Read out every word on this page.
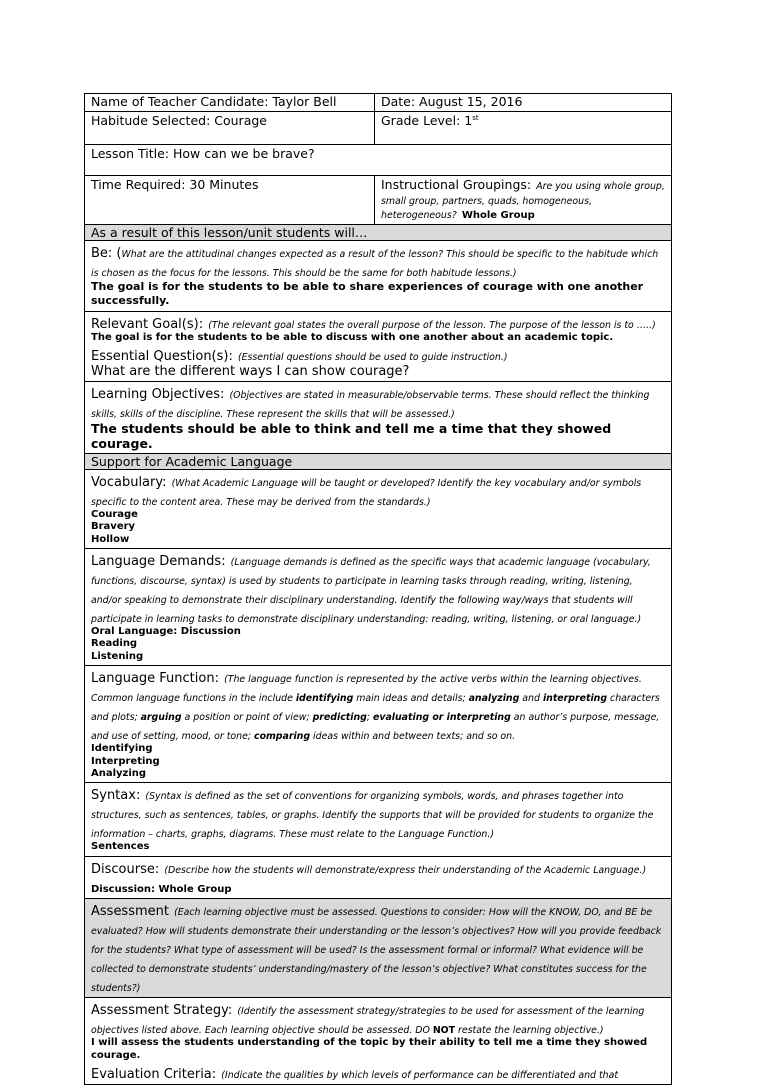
Name of Teacher Candidate: Taylor Bell	Date: August 15, 2016
Habitude Selected: Courage	Grade Level: 1st
Lesson Title: How can we be brave?	
Time Required: 30 Minutes	Instructional Groupings: Are you using whole group, small group, partners, quads, homogeneous, heterogeneous? Whole Group
As a result of this lesson/unit students will…	
Be: (What are the attitudinal changes expected as a result of the lesson? This should be specific to the habitude which is chosen as the focus for the lessons. This should be the same for both habitude lessons.)
The goal is for the students to be able to share experiences of courage with one another successfully.	

Relevant Goal(s): (The relevant goal states the overall purpose of the lesson. The purpose of the lesson is to …..)
The goal is for the students to be able to discuss with one another about an academic topic.
Essential Question(s): (Essential questions should be used to guide instruction.)
What are the different ways I can show courage?	

Learning Objectives: (Objectives are stated in measurable/observable terms. These should reflect the thinking skills, skills of the discipline. These represent the skills that will be assessed.)
The students should be able to think and tell me a time that they showed courage.	

Support for Academic Language	
Vocabulary: (What Academic Language will be taught or developed? Identify the key vocabulary and/or symbols specific to the content area. These may be derived from the standards.)
Courage
Bravery
Hollow	

Language Demands: (Language demands is defined as the specific ways that academic language (vocabulary, functions, discourse, syntax) is used by students to participate in learning tasks through reading, writing, listening, and/or speaking to demonstrate their disciplinary understanding. Identify the following way/ways that students will participate in learning tasks to demonstrate disciplinary understanding: reading, writing, listening, or oral language.)
Oral Language: Discussion
Reading
Listening	

Language Function: (The language function is represented by the active verbs within the learning objectives. Common language functions in the include identifying main ideas and details; analyzing and interpreting characters and plots; arguing a position or point of view; predicting; evaluating or interpreting an author’s purpose, message, and use of setting, mood, or tone; comparing ideas within and between texts; and so on.
Identifying
Interpreting
Analyzing	

Syntax: (Syntax is defined as the set of conventions for organizing symbols, words, and phrases together into structures, such as sentences, tables, or graphs. Identify the supports that will be provided for students to organize the information – charts, graphs, diagrams. These must relate to the Language Function.)
Sentences	

Discourse: (Describe how the students will demonstrate/express their understanding of the Academic Language.) Discussion: Whole Group	
Assessment (Each learning objective must be assessed. Questions to consider: How will the KNOW, DO, and BE be evaluated? How will students demonstrate their understanding or the lesson’s objectives? How will you provide feedback for the students? What type of assessment will be used? Is the assessment formal or informal? What evidence will be collected to demonstrate students’ understanding/mastery of the lesson’s objective? What constitutes success for the students?)	
Assessment Strategy: (Identify the assessment strategy/strategies to be used for assessment of the learning objectives listed above. Each learning objective should be assessed. DO NOT restate the learning objective.)
I will assess the students understanding of the topic by their ability to tell me a time they showed courage.
Evaluation Criteria: (Indicate the qualities by which levels of performance can be differentiated and that	
